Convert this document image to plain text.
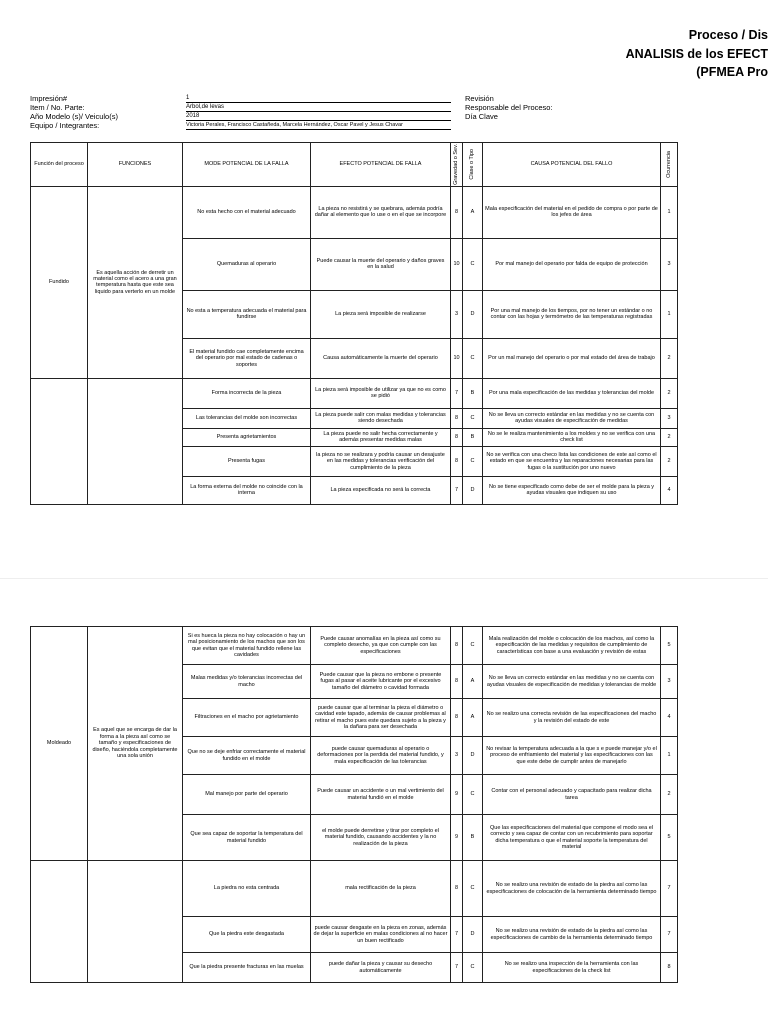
Proceso / Dis
ANALISIS de los EFECT
(PFMEA Pro
Impresión#	1
Item / No. Parte:	Arbol,de levas
Año Modelo (s)/ Veiculo(s)	2018
Equipo / Integrantes:	Victoria Perales, Francisco Castañeda, Marcela Hernández, Oscar Pavel y Jesus Chavar
Revisión
Responsable del Proceso:
Día Clave
Función del proceso	FUNCIONES	MODE POTENCIAL DE LA FALLA	EFECTO POTENCIAL DE FALLA	Gravedad o Sev.	Clase o Tipo	CAUSA POTENCIAL DEL FALLO	Ocurrencia

Fundido	Es aquella acción de derretir un material como el acero a una gran temperatura hasta que este sea liquido para verterlo en un molde	No esta hecho con el material adecuado	La pieza no resistirá y se quebrara, además podría dañar al elemento que lo use o en el que se incorpore	8	A	Mala especificación del material en el pedido de compra o por parte de los jefes de área	1
		Quemaduras al operario	Puede causar la muerte del operario y daños graves en la salud	10	C	Por mal manejo del operario por falda de equipo de protección	3
		No esta a temperatura adecuada el material para fundirse	La pieza será imposible de realizarse	3	D	Por una mal manejo de los tiempos, por no tener un estándar o no contar con las hojas y termómetro de las temperaturas registradas	1
		El material fundido cae completamente encima del operario por mal estado de cadenas o soportes	Causa automáticamente la muerte del operario	10	C	Por un mal manejo del operario o por mal estado del área de trabajo	2
		Forma incorrecta de la pieza	La pieza será imposible de utilizar ya que no es como se pidió	7	B	Por una mala especificación de las medidas y tolerancias del molde	2
		Las tolerancias del molde son incorrectas	La pieza puede salir con malas medidas y tolerancias siendo desechada	8	C	No se lleva un correcto estándar en las medidas y no se cuenta con ayudas visuales de especificación de medidas	3
		Presenta agrietamientos	La pieza puede no salir hecha correctamente y además presentar medidas malas	8	B	No se le realiza mantenimiento a los moldes y no se verifica con una check list	2
		Presenta fugas	la pieza no se realizara y podría causar un desajuste en las medidas y tolerancias verificación del cumplimiento de la pieza	8	C	No se verifica con una checo lista las condiciones de este así como el estado en que se encuentra y las reparaciones necesarias para las fugas o la sustitución por uno nuevo	2
		La forma externa del molde no coincide con la interna	La pieza especificada no será la correcta	7	D	No se tiene especificado como debe de ser el molde para la pieza y ayudas visuales que indiquen su uso	4
Moldeado	Es aquel que se encarga de dar la forma a la pieza así como se tamaño y especificaciones de diseño, haciéndola completamente una sola unión	Si es hueca la pieza no hay colocación o hay un mal posicionamiento de los machos que son los que evitan que el material fundido rellene las cavidades	Puede causar anomalías en la pieza así como su completo desecho, ya que con cumple con las especificaciones	8	C	Mala realización del molde o colocación de los machos, así como la especificación de las medidas y requisitos de cumplimiento de características con base a una evaluación y revisión de estas	5
		Malas medidas y/o tolerancias incorrectas del macho	Puede causar que la pieza no embone o presente fugas al pasar el aceite lubricante por el excesivo tamaño del diámetro o cavidad formada	8	A	No se lleva un correcto estándar en las medidas y no se cuenta con ayudas visuales de especificación de medidas y tolerancias de molde	3
		Filtraciones en el macho por agrietamiento	puede causar que al terminar la pieza el diámetro o cavidad este tapado, además de causar problemas al retirar el macho pues este quedara sujeto a la pieza y la dañara para ser desechada	8	A	No se realizo una correcta revisión de las especificaciones del macho y la revisión del estado de este	4
		Que no se deje enfriar correctamente el material fundido en el molde	puede causar quemaduras al operario o deformaciones por la perdida del material fundido, y mala especificación de las tolerancias	3	D	No revisar la temperatura adecuada a la que s e puede manejar y/o el proceso de enfriamiento del material y las especificaciones con las que este debe de cumplir antes de manejarlo	1
		Mal manejo por parte del operario	Puede causar un accidente o un mal vertimiento del material fundió en el molde	9	C	Contar con el personal adecuado y capacitado para realizar dicha tarea	2
		Que sea capaz de soportar la temperatura del material fundido	el molde puede derretirse y tirar por completo el material fundido, causando accidentes y la no realización de la pieza	9	B	Que las especificaciones del material que compone el modo sea el correcto y sea capaz de contar con un recubrimiento para soportar dicha temperatura o que el material soporte la temperatura del material	5
		La piedra no esta centrada	mala rectificación de la pieza	8	C	No se realizo una revisión de estado de la piedra así como las especificaciones de colocación de la herramienta determinado tiempo	7
		Que la piedra este desgastada	puede causar desgaste en la pieza en zonas, además de dejar la superficie en malas condiciones al no hacer un buen rectificado	7	D	No se realizo una revisión de estado de la piedra así como las especificaciones de cambio de la herramienta determinado tiempo	7
		Que la piedra presente fracturas en las muelas	puede dañar la pieza y causar su desecho automáticamente	7	C	No se realizo una inspección de la herramienta con las especificaciones de la check list	8
